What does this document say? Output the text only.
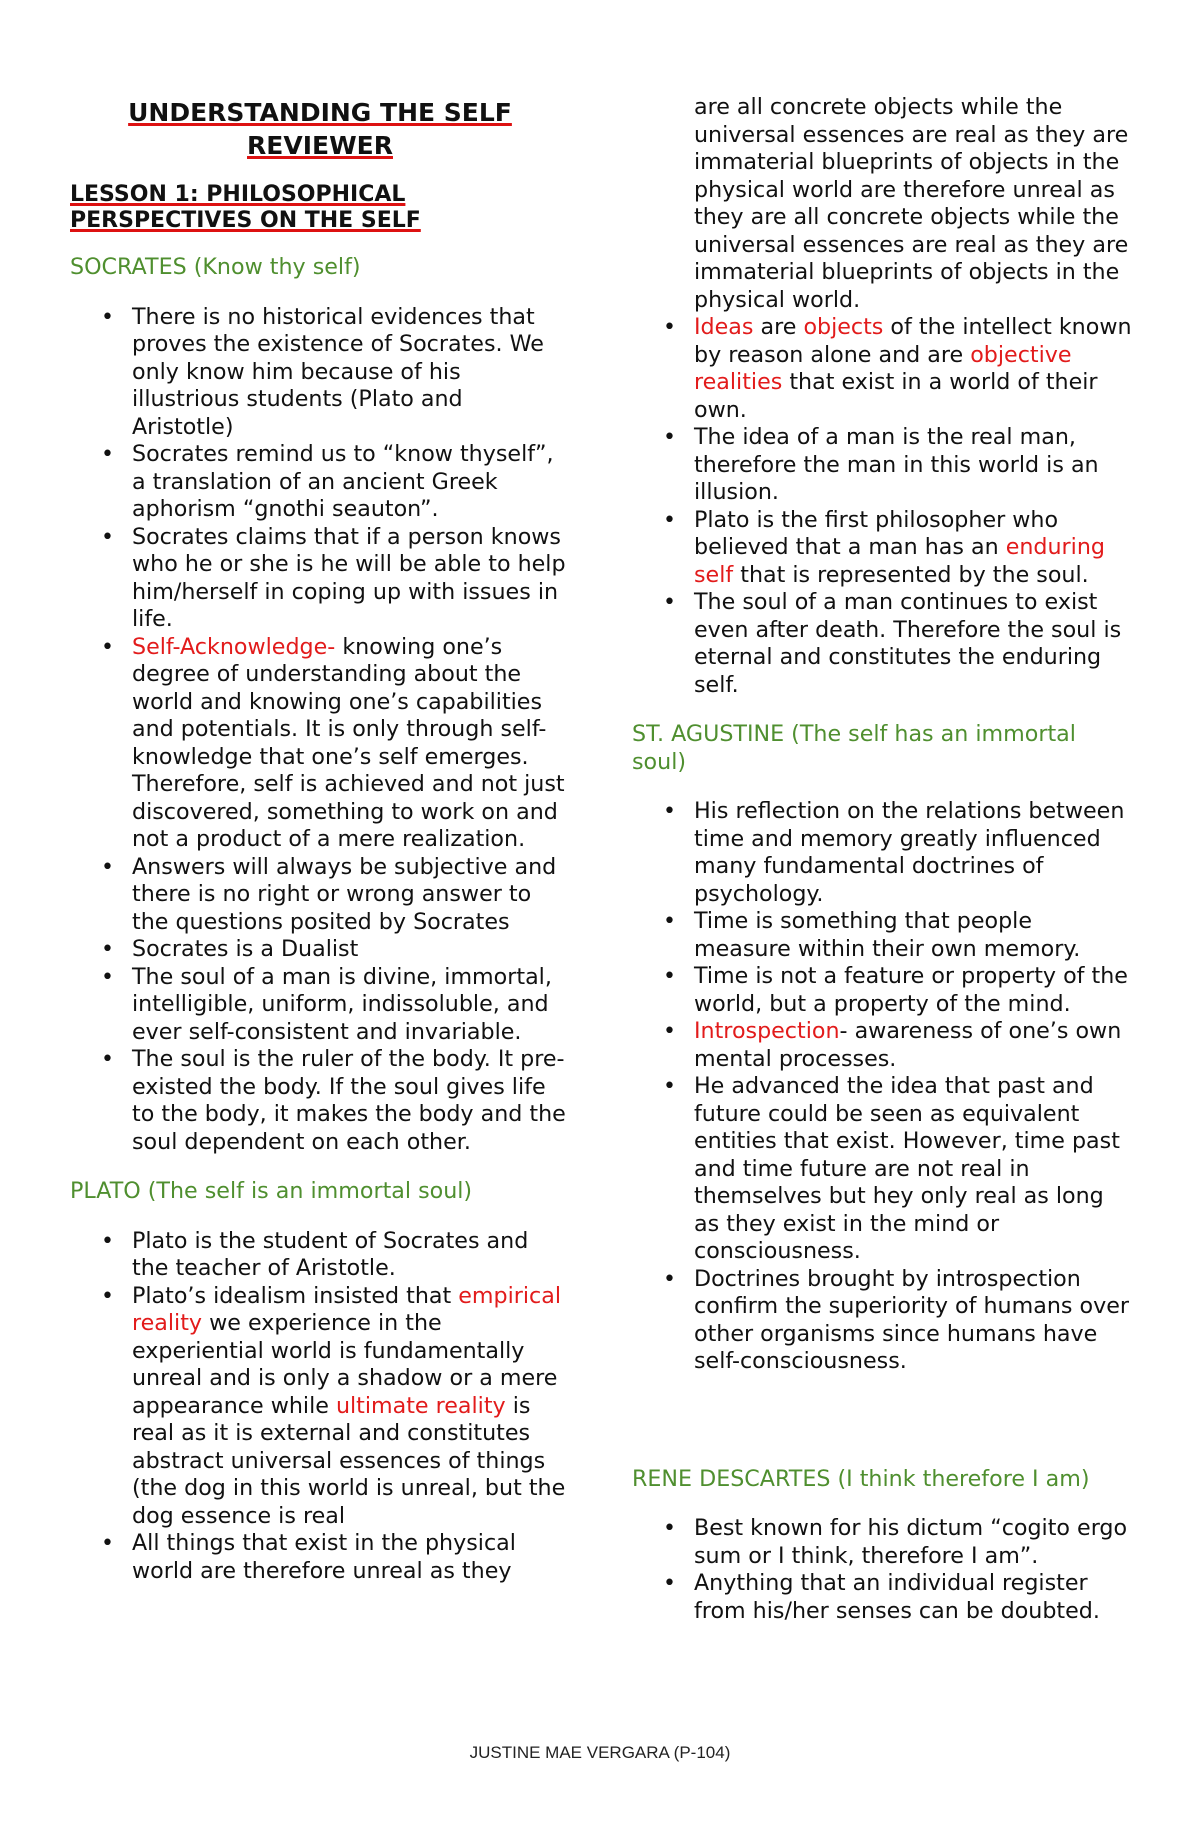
UNDERSTANDING THE SELF REVIEWER
LESSON 1: PHILOSOPHICAL PERSPECTIVES ON THE SELF
SOCRATES (Know thy self)
• There is no historical evidences that proves the existence of Socrates. We only know him because of his illustrious students (Plato and Aristotle)
• Socrates remind us to “know thyself”, a translation of an ancient Greek aphorism “gnothi seauton”.
• Socrates claims that if a person knows who he or she is he will be able to help him/herself in coping up with issues in life.
• Self-Acknowledge- knowing one’s degree of understanding about the world and knowing one’s capabilities and potentials. It is only through self-knowledge that one’s self emerges. Therefore, self is achieved and not just discovered, something to work on and not a product of a mere realization.
• Answers will always be subjective and there is no right or wrong answer to the questions posited by Socrates
• Socrates is a Dualist
• The soul of a man is divine, immortal, intelligible, uniform, indissoluble, and ever self-consistent and invariable.
• The soul is the ruler of the body. It pre-existed the body. If the soul gives life to the body, it makes the body and the soul dependent on each other.
PLATO (The self is an immortal soul)
• Plato is the student of Socrates and the teacher of Aristotle.
• Plato’s idealism insisted that empirical reality we experience in the experiential world is fundamentally unreal and is only a shadow or a mere appearance while ultimate reality is real as it is external and constitutes abstract universal essences of things (the dog in this world is unreal, but the dog essence is real
• All things that exist in the physical world are therefore unreal as they
are all concrete objects while the universal essences are real as they are immaterial blueprints of objects in the physical world are therefore unreal as they are all concrete objects while the universal essences are real as they are immaterial blueprints of objects in the physical world.
• Ideas are objects of the intellect known by reason alone and are objective realities that exist in a world of their own.
• The idea of a man is the real man, therefore the man in this world is an illusion.
• Plato is the first philosopher who believed that a man has an enduring self that is represented by the soul.
• The soul of a man continues to exist even after death. Therefore the soul is eternal and constitutes the enduring self.
ST. AGUSTINE (The self has an immortal soul)
• His reflection on the relations between time and memory greatly influenced many fundamental doctrines of psychology.
• Time is something that people measure within their own memory.
• Time is not a feature or property of the world, but a property of the mind.
• Introspection- awareness of one’s own mental processes.
• He advanced the idea that past and future could be seen as equivalent entities that exist. However, time past and time future are not real in themselves but hey only real as long as they exist in the mind or consciousness.
• Doctrines brought by introspection confirm the superiority of humans over other organisms since humans have self-consciousness.
RENE DESCARTES (I think therefore I am)
• Best known for his dictum “cogito ergo sum or I think, therefore I am”.
• Anything that an individual register from his/her senses can be doubted.
JUSTINE MAE VERGARA (P-104)
